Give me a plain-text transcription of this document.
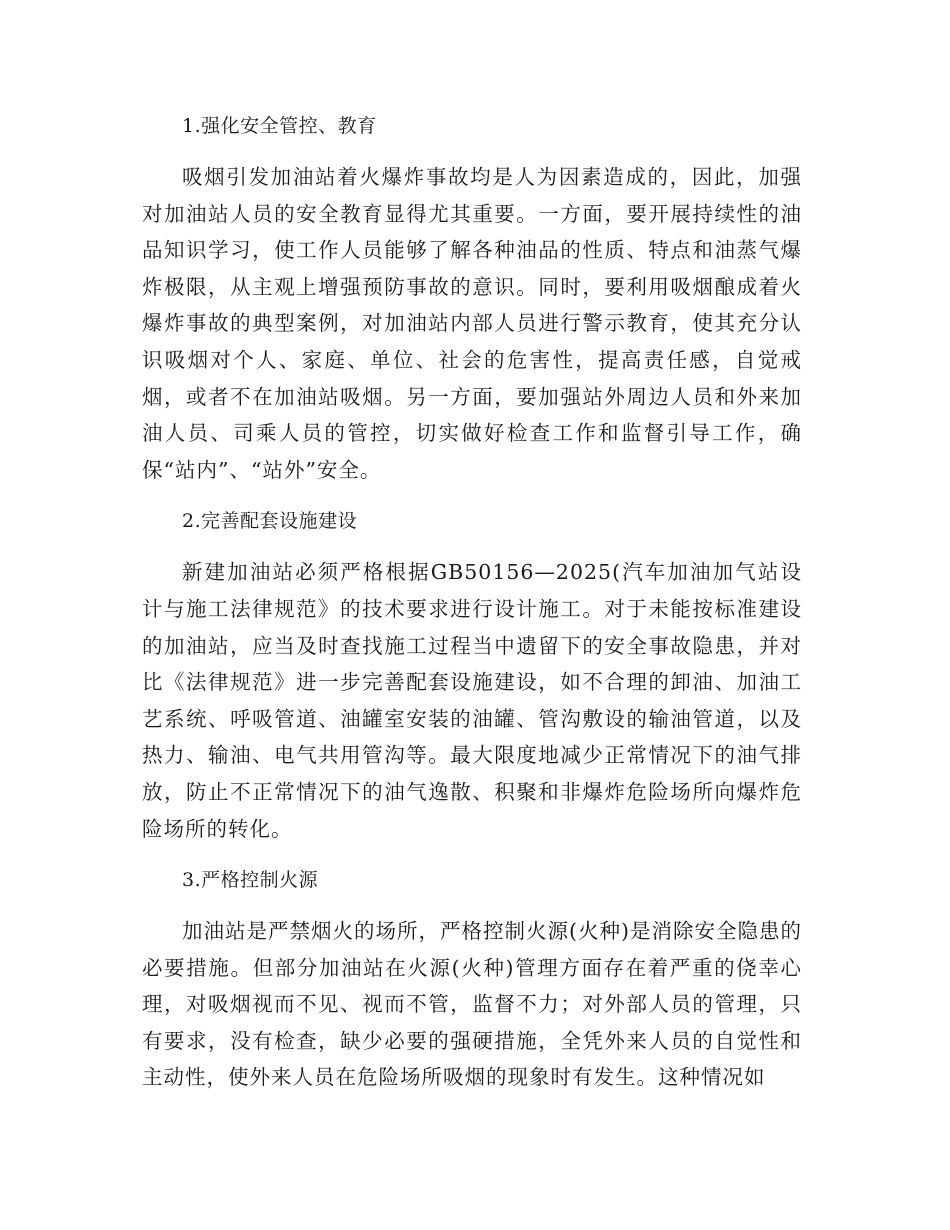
1.强化安全管控、教育

吸烟引发加油站着火爆炸事故均是人为因素造成的，因此，加强对加油站人员的安全教育显得尤其重要。一方面，要开展持续性的油品知识学习，使工作人员能够了解各种油品的性质、特点和油蒸气爆炸极限，从主观上增强预防事故的意识。同时，要利用吸烟酿成着火爆炸事故的典型案例，对加油站内部人员进行警示教育，使其充分认识吸烟对个人、家庭、单位、社会的危害性，提高责任感，自觉戒烟，或者不在加油站吸烟。另一方面，要加强站外周边人员和外来加油人员、司乘人员的管控，切实做好检查工作和监督引导工作，确保“站内”、“站外”安全。

2.完善配套设施建设

新建加油站必须严格根据GB50156—2025(汽车加油加气站设计与施工法律规范》的技术要求进行设计施工。对于未能按标准建设的加油站，应当及时查找施工过程当中遗留下的安全事故隐患，并对比《法律规范》进一步完善配套设施建设，如不合理的卸油、加油工艺系统、呼吸管道、油罐室安装的油罐、管沟敷设的输油管道，以及热力、输油、电气共用管沟等。最大限度地减少正常情况下的油气排放，防止不正常情况下的油气逸散、积聚和非爆炸危险场所向爆炸危险场所的转化。

3.严格控制火源

加油站是严禁烟火的场所，严格控制火源(火种)是消除安全隐患的必要措施。但部分加油站在火源(火种)管理方面存在着严重的侥幸心理，对吸烟视而不见、视而不管，监督不力；对外部人员的管理，只有要求，没有检查，缺少必要的强硬措施，全凭外来人员的自觉性和主动性，使外来人员在危险场所吸烟的现象时有发生。这种情况如
